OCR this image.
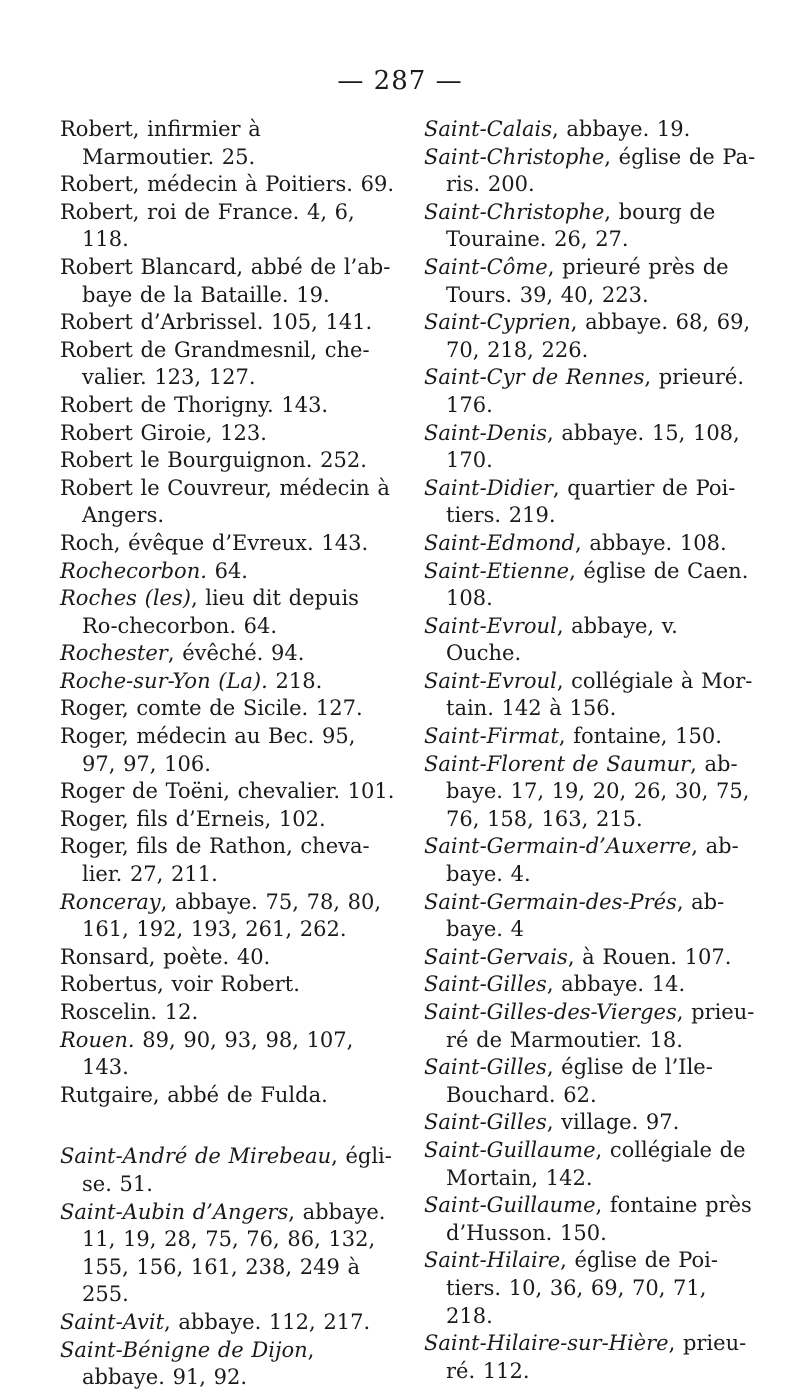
— 287 —

Robert, infirmier à Marmoutier. 25.

Robert, médecin à Poitiers. 69.

Robert, roi de France. 4, 6, 118.

Robert Blancard, abbé de l’ab-baye de la Bataille. 19.

Robert d’Arbrissel. 105, 141.

Robert de Grandmesnil, che-valier. 123, 127.

Robert de Thorigny. 143.

Robert Giroie, 123.

Robert le Bourguignon. 252.

Robert le Couvreur, médecin à Angers.

Roch, évêque d’Evreux. 143.

Rochecorbon. 64.

Roches (les), lieu dit depuis Ro-checorbon. 64.

Rochester, évêché. 94.

Roche-sur-Yon (La). 218.

Roger, comte de Sicile. 127.

Roger, médecin au Bec. 95, 97, 97, 106.

Roger de Toëni, chevalier. 101.

Roger, fils d’Erneis, 102.

Roger, fils de Rathon, cheva-lier. 27, 211.

Ronceray, abbaye. 75, 78, 80, 161, 192, 193, 261, 262.

Ronsard, poète. 40.

Robertus, voir Robert.

Roscelin. 12.

Rouen. 89, 90, 93, 98, 107, 143.

Rutgaire, abbé de Fulda.

Saint-André de Mirebeau, égli-se. 51.

Saint-Aubin d’Angers, abbaye. 11, 19, 28, 75, 76, 86, 132, 155, 156, 161, 238, 249 à 255.

Saint-Avit, abbaye. 112, 217.

Saint-Bénigne de Dijon, abbaye. 91, 92.

Saint-Calais, abbaye. 19.

Saint-Christophe, église de Pa-ris. 200.

Saint-Christophe, bourg de Touraine. 26, 27.

Saint-Côme, prieuré près de Tours. 39, 40, 223.

Saint-Cyprien, abbaye. 68, 69, 70, 218, 226.

Saint-Cyr de Rennes, prieuré. 176.

Saint-Denis, abbaye. 15, 108, 170.

Saint-Didier, quartier de Poi-tiers. 219.

Saint-Edmond, abbaye. 108.

Saint-Etienne, église de Caen. 108.

Saint-Evroul, abbaye, v. Ouche.

Saint-Evroul, collégiale à Mor-tain. 142 à 156.

Saint-Firmat, fontaine, 150.

Saint-Florent de Saumur, ab-baye. 17, 19, 20, 26, 30, 75, 76, 158, 163, 215.

Saint-Germain-d’Auxerre, ab-baye. 4.

Saint-Germain-des-Prés, ab-baye. 4

Saint-Gervais, à Rouen. 107.

Saint-Gilles, abbaye. 14.

Saint-Gilles-des-Vierges, prieu-ré de Marmoutier. 18.

Saint-Gilles, église de l’Ile-Bouchard. 62.

Saint-Gilles, village. 97.

Saint-Guillaume, collégiale de Mortain, 142.

Saint-Guillaume, fontaine près d’Husson. 150.

Saint-Hilaire, église de Poi-tiers. 10, 36, 69, 70, 71, 218.

Saint-Hilaire-sur-Hière, prieu-ré. 112.
